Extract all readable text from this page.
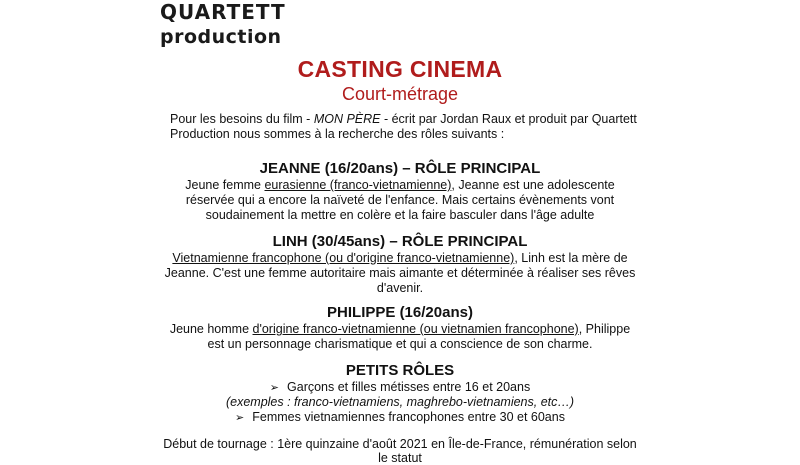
QUARTETT
production
CASTING CINEMA
Court-métrage
Pour les besoins du film - MON PÈRE - écrit par Jordan Raux et produit par Quartett Production nous sommes à la recherche des rôles suivants :
JEANNE (16/20ans) – RÔLE PRINCIPAL
Jeune femme eurasienne (franco-vietnamienne), Jeanne est une adolescente réservée qui a encore la naïveté de l'enfance. Mais certains évènements vont soudainement la mettre en colère et la faire basculer dans l'âge adulte
LINH (30/45ans) – RÔLE PRINCIPAL
Vietnamienne francophone (ou d'origine franco-vietnamienne), Linh est la mère de Jeanne. C'est une femme autoritaire mais aimante et déterminée à réaliser ses rêves d'avenir.
PHILIPPE (16/20ans)
Jeune homme d'origine franco-vietnamienne (ou vietnamien francophone), Philippe est un personnage charismatique et qui a conscience de son charme.
PETITS RÔLES
➢ Garçons et filles métisses entre 16 et 20ans
(exemples : franco-vietnamiens, maghrebo-vietnamiens, etc…)
➢ Femmes vietnamiennes francophones entre 30 et 60ans
Début de tournage : 1ère quinzaine d'août 2021 en Île-de-France, rémunération selon le statut
